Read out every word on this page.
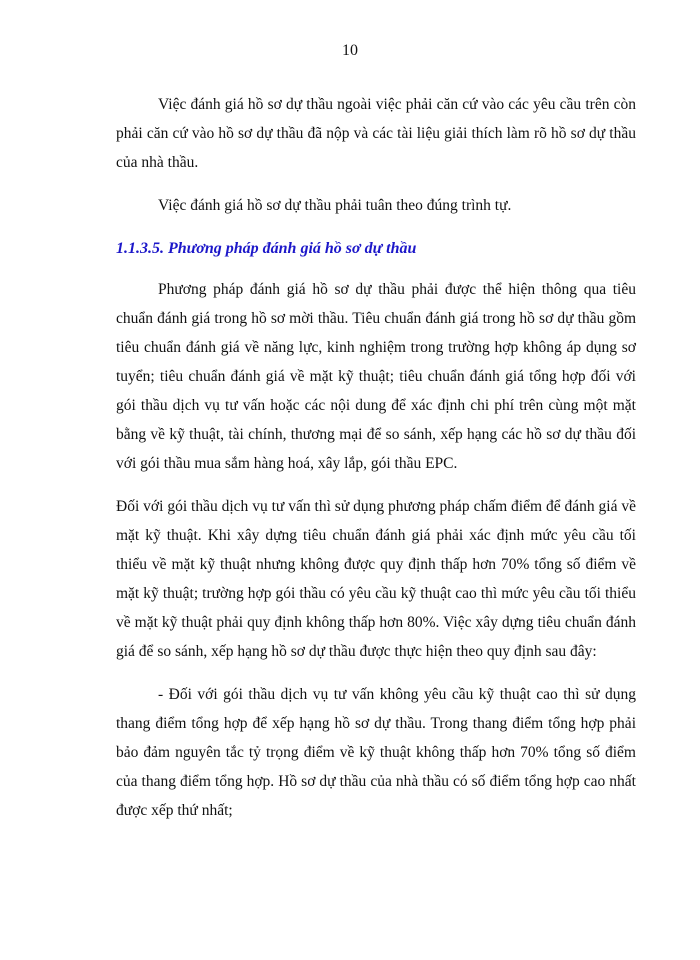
10

Việc đánh giá hồ sơ dự thầu ngoài việc phải căn cứ vào các yêu cầu trên còn phải căn cứ vào hồ sơ dự thầu đã nộp và các tài liệu giải thích làm rõ hồ sơ dự thầu của nhà thầu.

Việc đánh giá hồ sơ dự thầu phải tuân theo đúng trình tự.

1.1.3.5. Phương pháp đánh giá hồ sơ dự thầu

Phương pháp đánh giá hồ sơ dự thầu phải được thể hiện thông qua tiêu chuẩn đánh giá trong hồ sơ mời thầu. Tiêu chuẩn đánh giá trong hồ sơ dự thầu gồm tiêu chuẩn đánh giá về năng lực, kinh nghiệm trong trường hợp không áp dụng sơ tuyển; tiêu chuẩn đánh giá về mặt kỹ thuật; tiêu chuẩn đánh giá tổng hợp đối với gói thầu dịch vụ tư vấn hoặc các nội dung để xác định chi phí trên cùng một mặt bằng về kỹ thuật, tài chính, thương mại để so sánh, xếp hạng các hồ sơ dự thầu đối với gói thầu mua sắm hàng hoá, xây lắp, gói thầu EPC.

Đối với gói thầu dịch vụ tư vấn thì sử dụng phương pháp chấm điểm để đánh giá về mặt kỹ thuật. Khi xây dựng tiêu chuẩn đánh giá phải xác định mức yêu cầu tối thiểu về mặt kỹ thuật nhưng không được quy định thấp hơn 70% tổng số điểm về mặt kỹ thuật; trường hợp gói thầu có yêu cầu kỹ thuật cao thì mức yêu cầu tối thiểu về mặt kỹ thuật phải quy định không thấp hơn 80%. Việc xây dựng tiêu chuẩn đánh giá để so sánh, xếp hạng hồ sơ dự thầu được thực hiện theo quy định sau đây:

- Đối với gói thầu dịch vụ tư vấn không yêu cầu kỹ thuật cao thì sử dụng thang điểm tổng hợp để xếp hạng hồ sơ dự thầu. Trong thang điểm tổng hợp phải bảo đảm nguyên tắc tỷ trọng điểm về kỹ thuật không thấp hơn 70% tổng số điểm của thang điểm tổng hợp. Hồ sơ dự thầu của nhà thầu có số điểm tổng hợp cao nhất được xếp thứ nhất;
